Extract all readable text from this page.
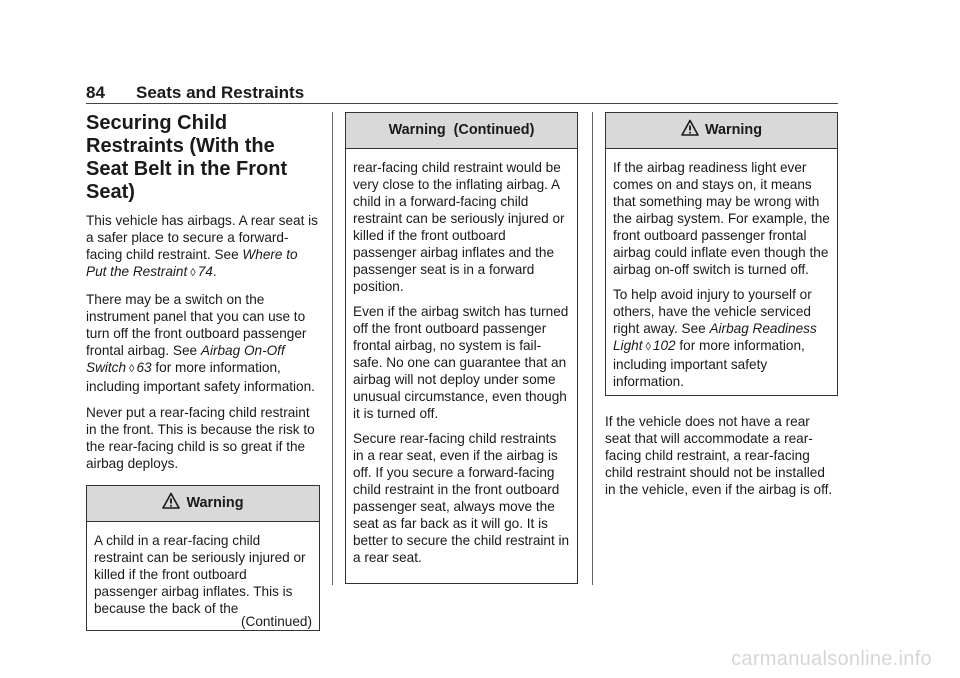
84 Seats and Restraints
Securing Child Restraints (With the Seat Belt in the Front Seat)

This vehicle has airbags. A rear seat is a safer place to secure a forward-facing child restraint. See Where to Put the Restraint ◊ 74.

There may be a switch on the instrument panel that you can use to turn off the front outboard passenger frontal airbag. See Airbag On-Off Switch ◊ 63 for more information, including important safety information.

Never put a rear-facing child restraint in the front. This is because the risk to the rear-facing child is so great if the airbag deploys.

Warning

A child in a rear-facing child restraint can be seriously injured or killed if the front outboard passenger airbag inflates. This is because the back of the

(Continued)
Warning  (Continued)

rear-facing child restraint would be very close to the inflating airbag. A child in a forward-facing child restraint can be seriously injured or killed if the front outboard passenger airbag inflates and the passenger seat is in a forward position.

Even if the airbag switch has turned off the front outboard passenger frontal airbag, no system is fail-safe. No one can guarantee that an airbag will not deploy under some unusual circumstance, even though it is turned off.

Secure rear-facing child restraints in a rear seat, even if the airbag is off. If you secure a forward-facing child restraint in the front outboard passenger seat, always move the seat as far back as it will go. It is better to secure the child restraint in a rear seat.

Warning

If the airbag readiness light ever comes on and stays on, it means that something may be wrong with the airbag system. For example, the front outboard passenger frontal airbag could inflate even though the airbag on-off switch is turned off.

To help avoid injury to yourself or others, have the vehicle serviced right away. See Airbag Readiness Light ◊ 102 for more information, including important safety information.

If the vehicle does not have a rear seat that will accommodate a rear-facing child restraint, a rear-facing child restraint should not be installed in the vehicle, even if the airbag is off.

carmanualsonline.info
